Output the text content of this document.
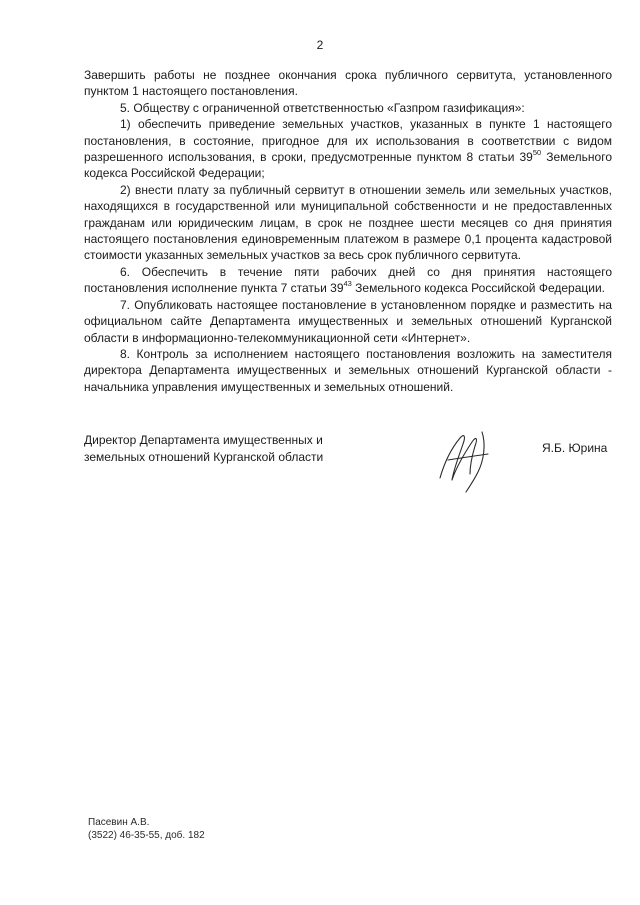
2

Завершить работы не позднее окончания срока публичного сервитута, установленного пунктом 1 настоящего постановления.

5. Обществу с ограниченной ответственностью «Газпром газификация»:

1) обеспечить приведение земельных участков, указанных в пункте 1 настоящего постановления, в состояние, пригодное для их использования в соответствии с видом разрешенного использования, в сроки, предусмотренные пунктом 8 статьи $39^{50}$ Земельного кодекса Российской Федерации;

2) внести плату за публичный сервитут в отношении земель или земельных участков, находящихся в государственной или муниципальной собственности и не предоставленных гражданам или юридическим лицам, в срок не позднее шести месяцев со дня принятия настоящего постановления единовременным платежом в размере 0,1 процента кадастровой стоимости указанных земельных участков за весь срок публичного сервитута.

6. Обеспечить в течение пяти рабочих дней со дня принятия настоящего постановления исполнение пункта 7 статьи $39^{43}$ Земельного кодекса Российской Федерации.

7. Опубликовать настоящее постановление в установленном порядке и разместить на официальном сайте Департамента имущественных и земельных отношений Курганской области в информационно-телекоммуникационной сети «Интернет».

8. Контроль за исполнением настоящего постановления возложить на заместителя директора Департамента имущественных и земельных отношений Курганской области - начальника управления имущественных и земельных отношений.

Директор Департамента имущественных и
земельных отношений Курганской области
Я.Б. Юрина
Пасевин А.В.
(3522) 46-35-55, доб. 182
